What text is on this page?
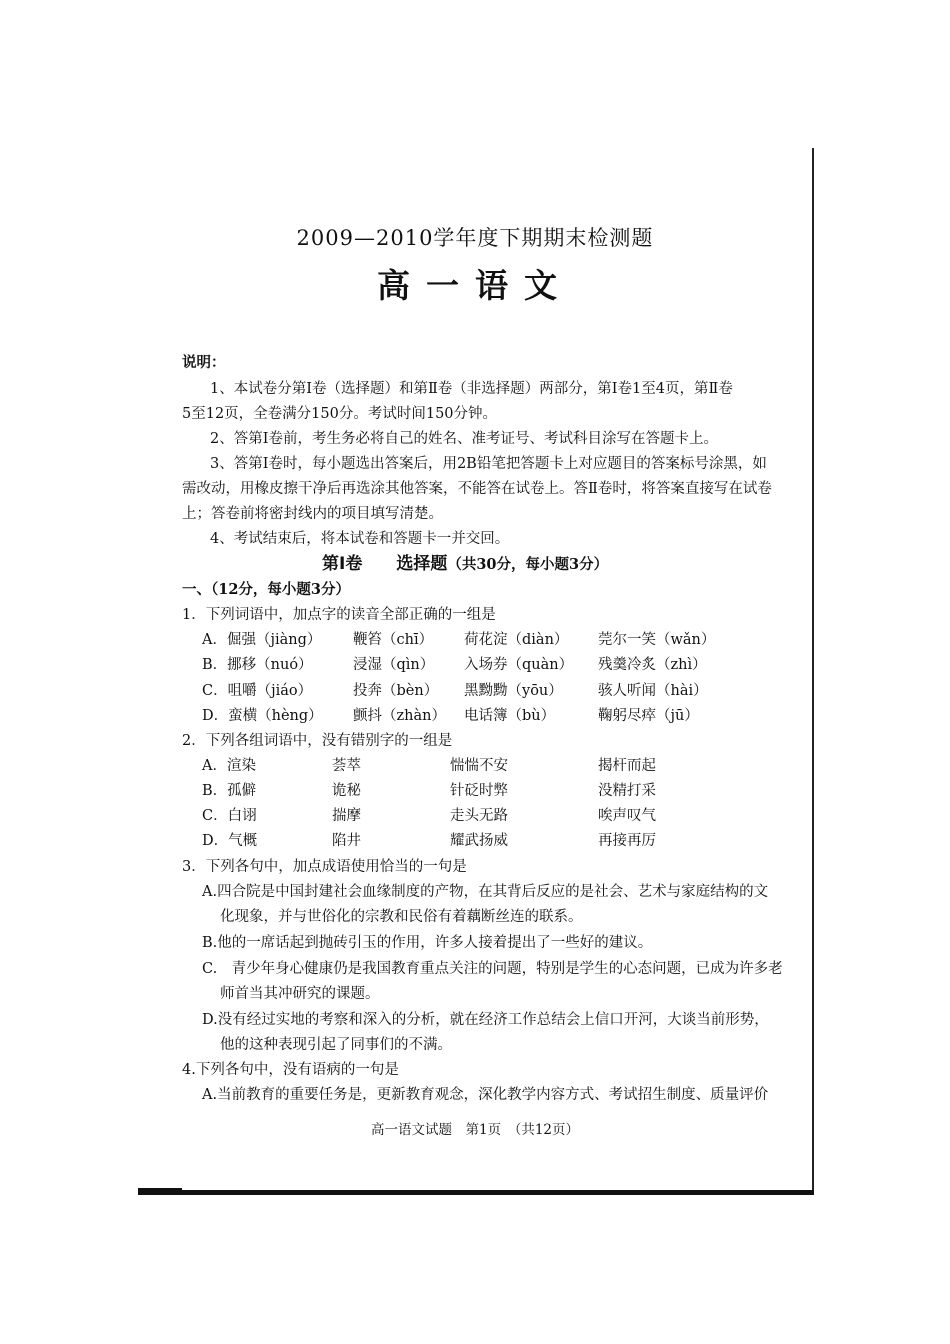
2009—2010学年度下期期末检测题
高一语文
说明：
1、本试卷分第Ⅰ卷（选择题）和第Ⅱ卷（非选择题）两部分，第Ⅰ卷1至4页，第Ⅱ卷
5至12页，全卷满分150分。考试时间150分钟。
2、答第Ⅰ卷前，考生务必将自己的姓名、准考证号、考试科目涂写在答题卡上。
3、答第Ⅰ卷时，每小题选出答案后，用2B铅笔把答题卡上对应题目的答案标号涂黑，如
需改动，用橡皮擦干净后再选涂其他答案，不能答在试卷上。答Ⅱ卷时，将答案直接写在试卷
上；答卷前将密封线内的项目填写清楚。
4、考试结束后，将本试卷和答题卡一并交回。
第Ⅰ卷　　选择题（共30分，每小题3分）
一、（12分，每小题3分）
1．下列词语中，加点字的读音全部正确的一组是
A．倔强（jiàng） 鞭笞（chī） 荷花淀（diàn） 莞尔一笑（wǎn）
B．挪移（nuó）	浸湿（qìn） 入场券（quàn） 残羹冷炙（zhì）
C．咀嚼（jiáo）	投奔（bèn） 黑黝黝（yōu） 骇人听闻（hài）
D．蛮横（hèng） 颤抖（zhàn） 电话簿（bù）	鞠躬尽瘁（jū）
2．下列各组词语中，没有错别字的一组是
A．渲染	荟萃	惴惴不安	揭杆而起
B．孤僻	诡秘	针砭时弊	没精打采
C．白诩	揣摩	走头无路	唉声叹气
D．气概	陷井	耀武扬威	再接再厉
3．下列各句中，加点成语使用恰当的一句是
A.四合院是中国封建社会血缘制度的产物，在其背后反应的是社会、艺术与家庭结构的文
化现象，并与世俗化的宗教和民俗有着藕断丝连的联系。
B.他的一席话起到抛砖引玉的作用，许多人接着提出了一些好的建议。
C.　青少年身心健康仍是我国教育重点关注的问题，特别是学生的心态问题，已成为许多老
师首当其冲研究的课题。
D.没有经过实地的考察和深入的分析，就在经济工作总结会上信口开河，大谈当前形势，
他的这种表现引起了同事们的不满。
4.下列各句中，没有语病的一句是
A.当前教育的重要任务是，更新教育观念，深化教学内容方式、考试招生制度、质量评价
高一语文试题　第1页　（共12页）
